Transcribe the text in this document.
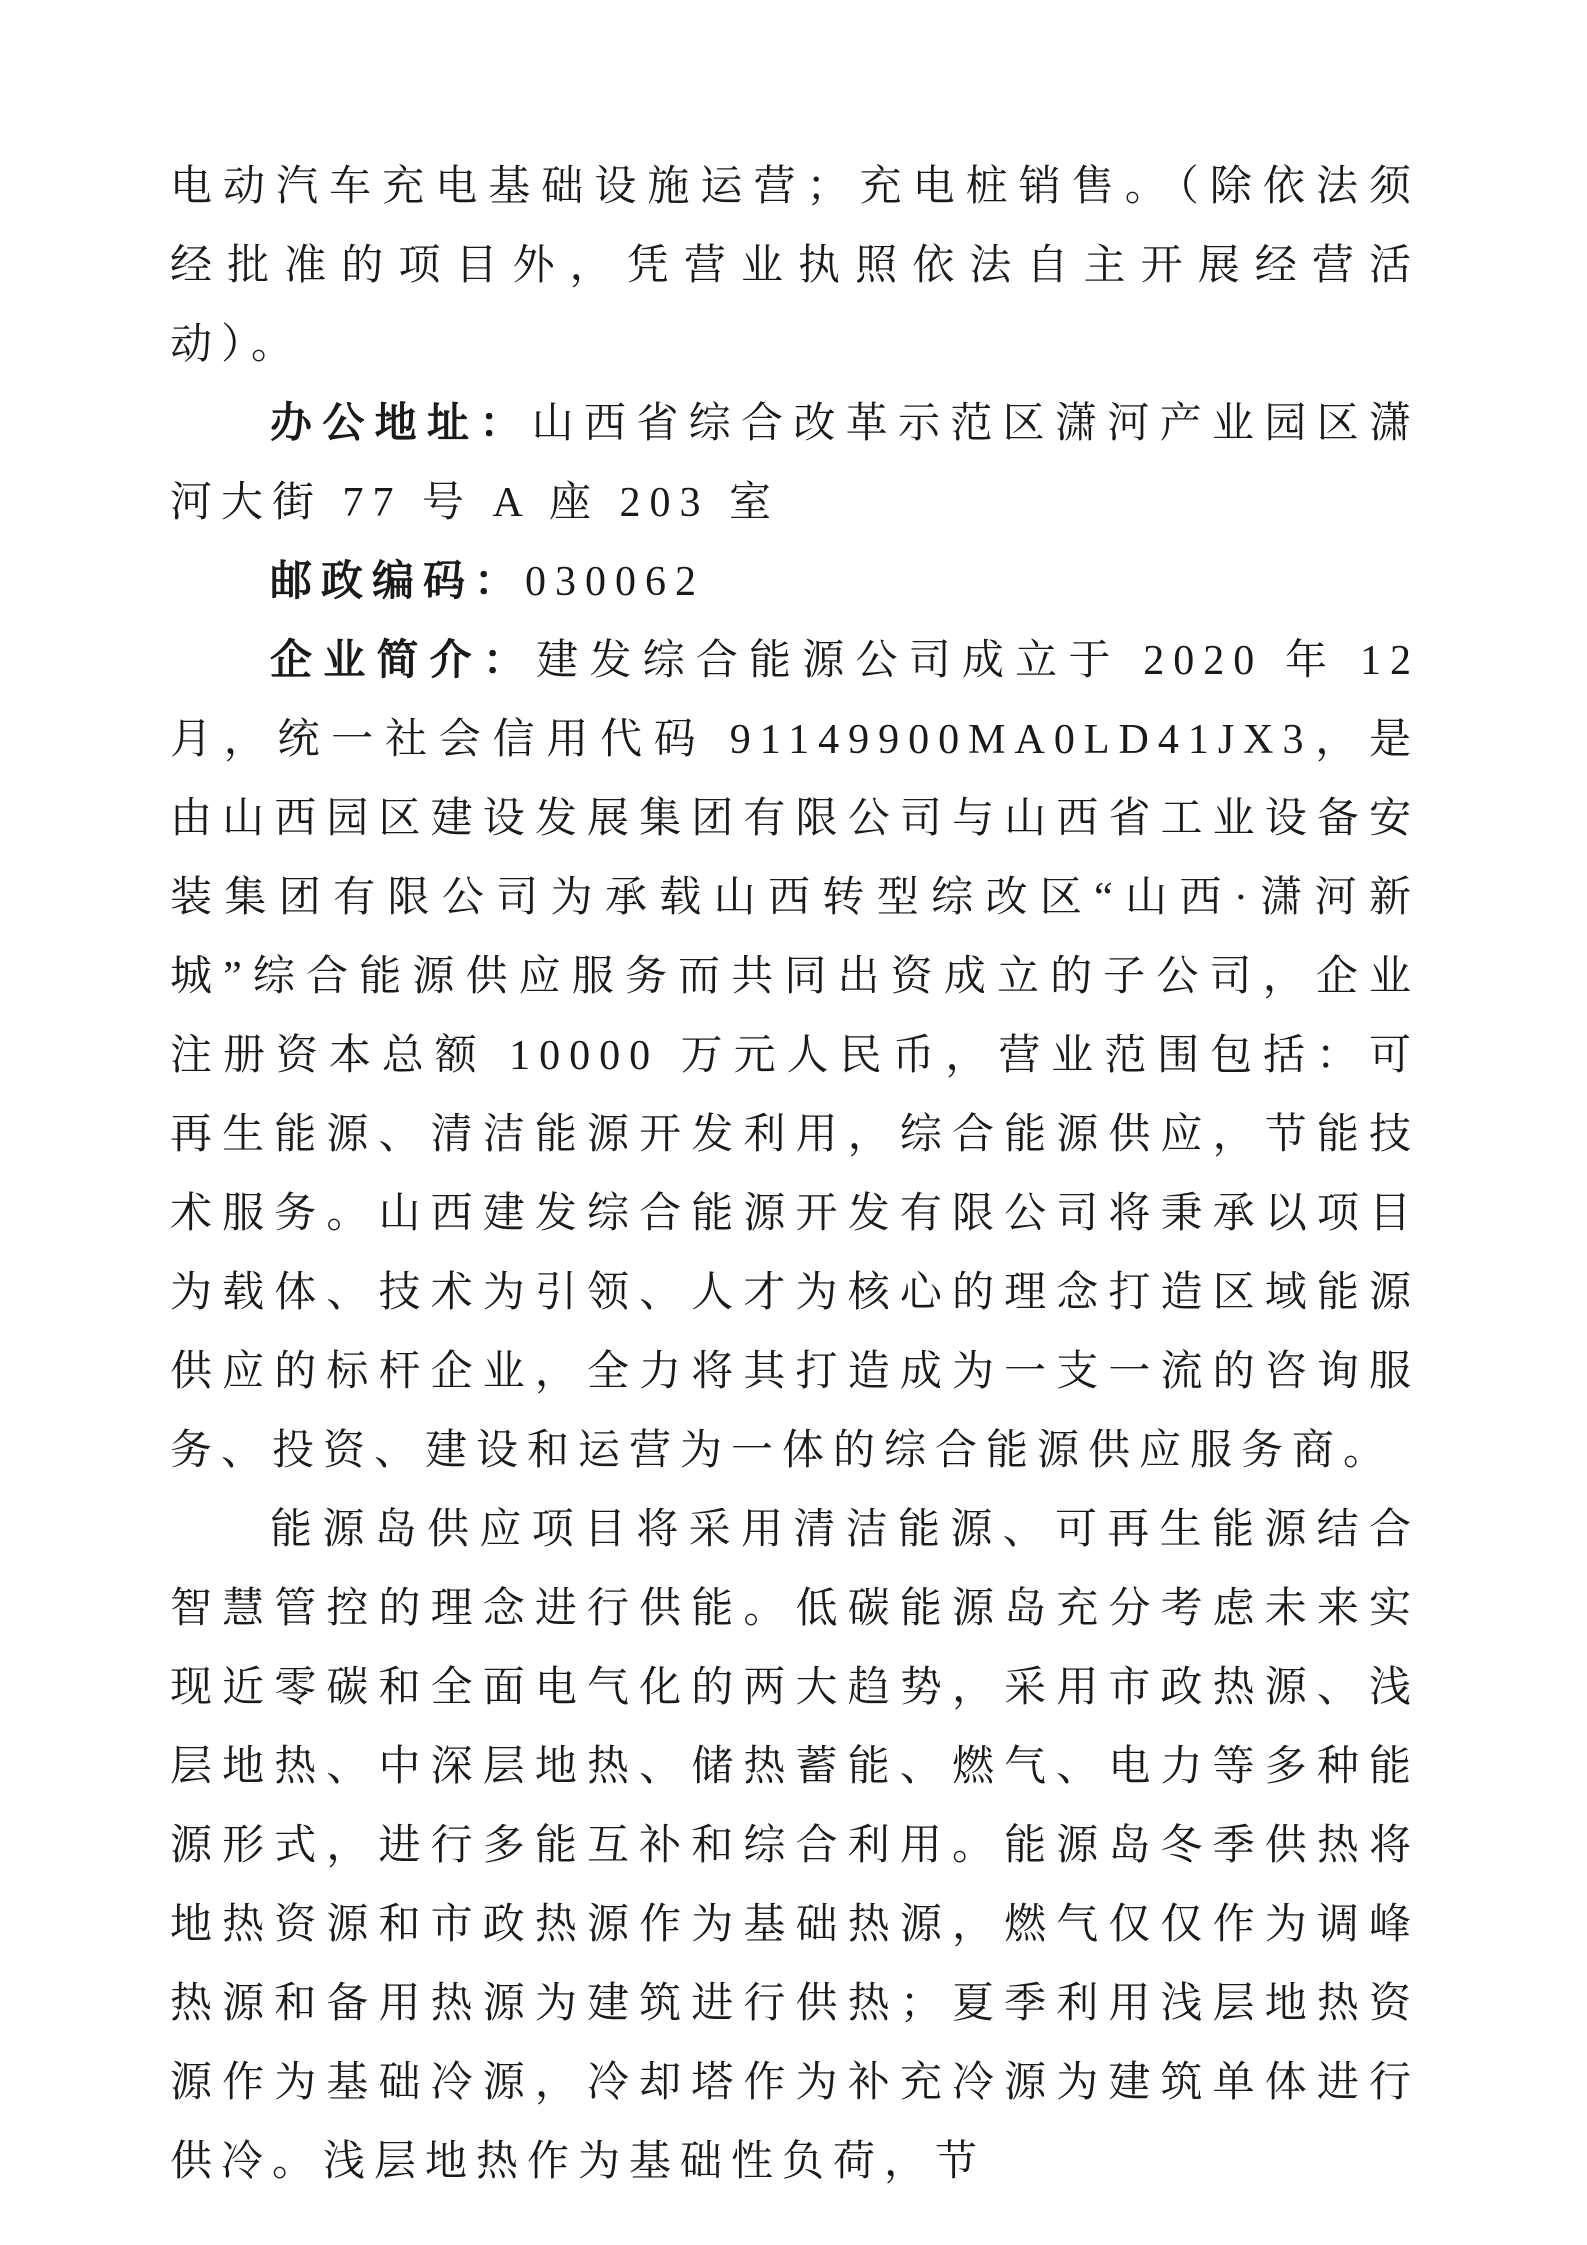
电动汽车充电基础设施运营；充电桩销售。（除依法须经批准的项目外，凭营业执照依法自主开展经营活动）。

办公地址：山西省综合改革示范区潇河产业园区潇河大街 77 号 A 座 203 室

邮政编码：030062

企业简介：建发综合能源公司成立于 2020 年 12 月，统一社会信用代码 91149900MA0LD41JX3，是由山西园区建设发展集团有限公司与山西省工业设备安装集团有限公司为承载山西转型综改区“山西·潇河新城”综合能源供应服务而共同出资成立的子公司，企业注册资本总额 10000 万元人民币，营业范围包括：可再生能源、清洁能源开发利用，综合能源供应，节能技术服务。山西建发综合能源开发有限公司将秉承以项目为载体、技术为引领、人才为核心的理念打造区域能源供应的标杆企业，全力将其打造成为一支一流的咨询服务、投资、建设和运营为一体的综合能源供应服务商。

能源岛供应项目将采用清洁能源、可再生能源结合智慧管控的理念进行供能。低碳能源岛充分考虑未来实现近零碳和全面电气化的两大趋势，采用市政热源、浅层地热、中深层地热、储热蓄能、燃气、电力等多种能源形式，进行多能互补和综合利用。能源岛冬季供热将地热资源和市政热源作为基础热源，燃气仅仅作为调峰热源和备用热源为建筑进行供热；夏季利用浅层地热资源作为基础冷源，冷却塔作为补充冷源为建筑单体进行供冷。浅层地热作为基础性负荷，节
